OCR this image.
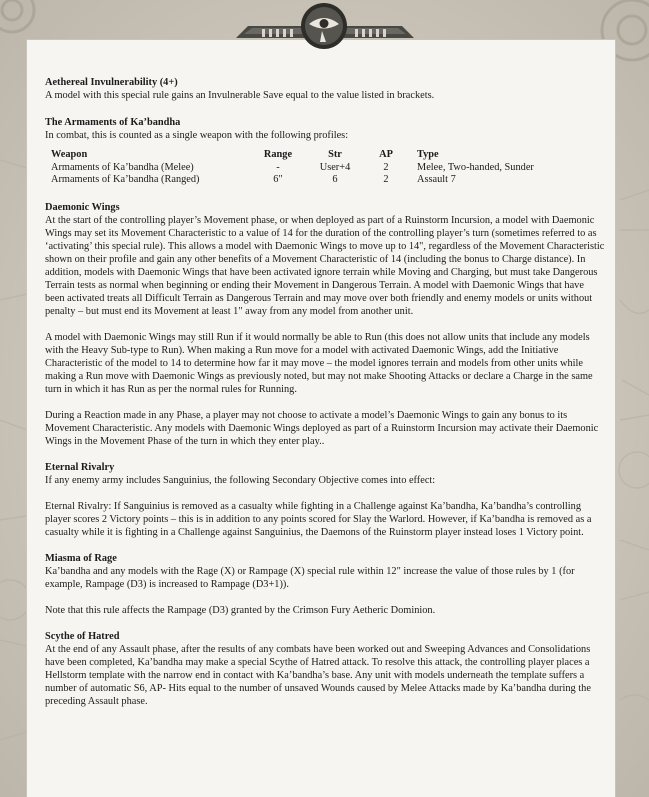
Aethereal Invulnerability (4+)

A model with this special rule gains an Invulnerable Save equal to the value listed in brackets.

The Armaments of Ka’bandha

In combat, this is counted as a single weapon with the following profiles:

Weapon	Range	Str	AP	Type
Armaments of Ka’bandha (Melee)	-	User+4	2	Melee, Two-handed, Sunder
Armaments of Ka’bandha (Ranged)	6"	6	2	Assault 7

Daemonic Wings

At the start of the controlling player’s Movement phase, or when deployed as part of a Ruinstorm Incursion, a model with Daemonic Wings may set its Movement Characteristic to a value of 14 for the duration of the controlling player’s turn (sometimes referred to as ‘activating’ this special rule). This allows a model with Daemonic Wings to move up to 14", regardless of the Movement Characteristic shown on their profile and gain any other benefits of a Movement Characteristic of 14 (including the bonus to Charge distance). In addition, models with Daemonic Wings that have been activated ignore terrain while Moving and Charging, but must take Dangerous Terrain tests as normal when beginning or ending their Movement in Dangerous Terrain. A model with Daemonic Wings that have been activated treats all Difficult Terrain as Dangerous Terrain and may move over both friendly and enemy models or units without penalty – but must end its Movement at least 1" away from any model from another unit.

A model with Daemonic Wings may still Run if it would normally be able to Run (this does not allow units that include any models with the Heavy Sub-type to Run). When making a Run move for a model with activated Daemonic Wings, add the Initiative Characteristic of the model to 14 to determine how far it may move – the model ignores terrain and models from other units while making a Run move with Daemonic Wings as previously noted, but may not make Shooting Attacks or declare a Charge in the same turn in which it has Run as per the normal rules for Running.

During a Reaction made in any Phase, a player may not choose to activate a model’s Daemonic Wings to gain any bonus to its Movement Characteristic. Any models with Daemonic Wings deployed as part of a Ruinstorm Incursion may activate their Daemonic Wings in the Movement Phase of the turn in which they enter play..

Eternal Rivalry

If any enemy army includes Sanguinius, the following Secondary Objective comes into effect:

Eternal Rivalry: If Sanguinius is removed as a casualty while fighting in a Challenge against Ka’bandha, Ka’bandha’s controlling player scores 2 Victory points – this is in addition to any points scored for Slay the Warlord. However, if Ka’bandha is removed as a casualty while it is fighting in a Challenge against Sanguinius, the Daemons of the Ruinstorm player instead loses 1 Victory point.

Miasma of Rage

Ka’bandha and any models with the Rage (X) or Rampage (X) special rule within 12" increase the value of those rules by 1 (for example, Rampage (D3) is increased to Rampage (D3+1)).

Note that this rule affects the Rampage (D3) granted by the Crimson Fury Aetheric Dominion.

Scythe of Hatred

At the end of any Assault phase, after the results of any combats have been worked out and Sweeping Advances and Consolidations have been completed, Ka’bandha may make a special Scythe of Hatred attack. To resolve this attack, the controlling player places a Hellstorm template with the narrow end in contact with Ka’bandha’s base. Any unit with models underneath the template suffers a number of automatic S6, AP- Hits equal to the number of unsaved Wounds caused by Melee Attacks made by Ka’bandha during the preceding Assault phase.
